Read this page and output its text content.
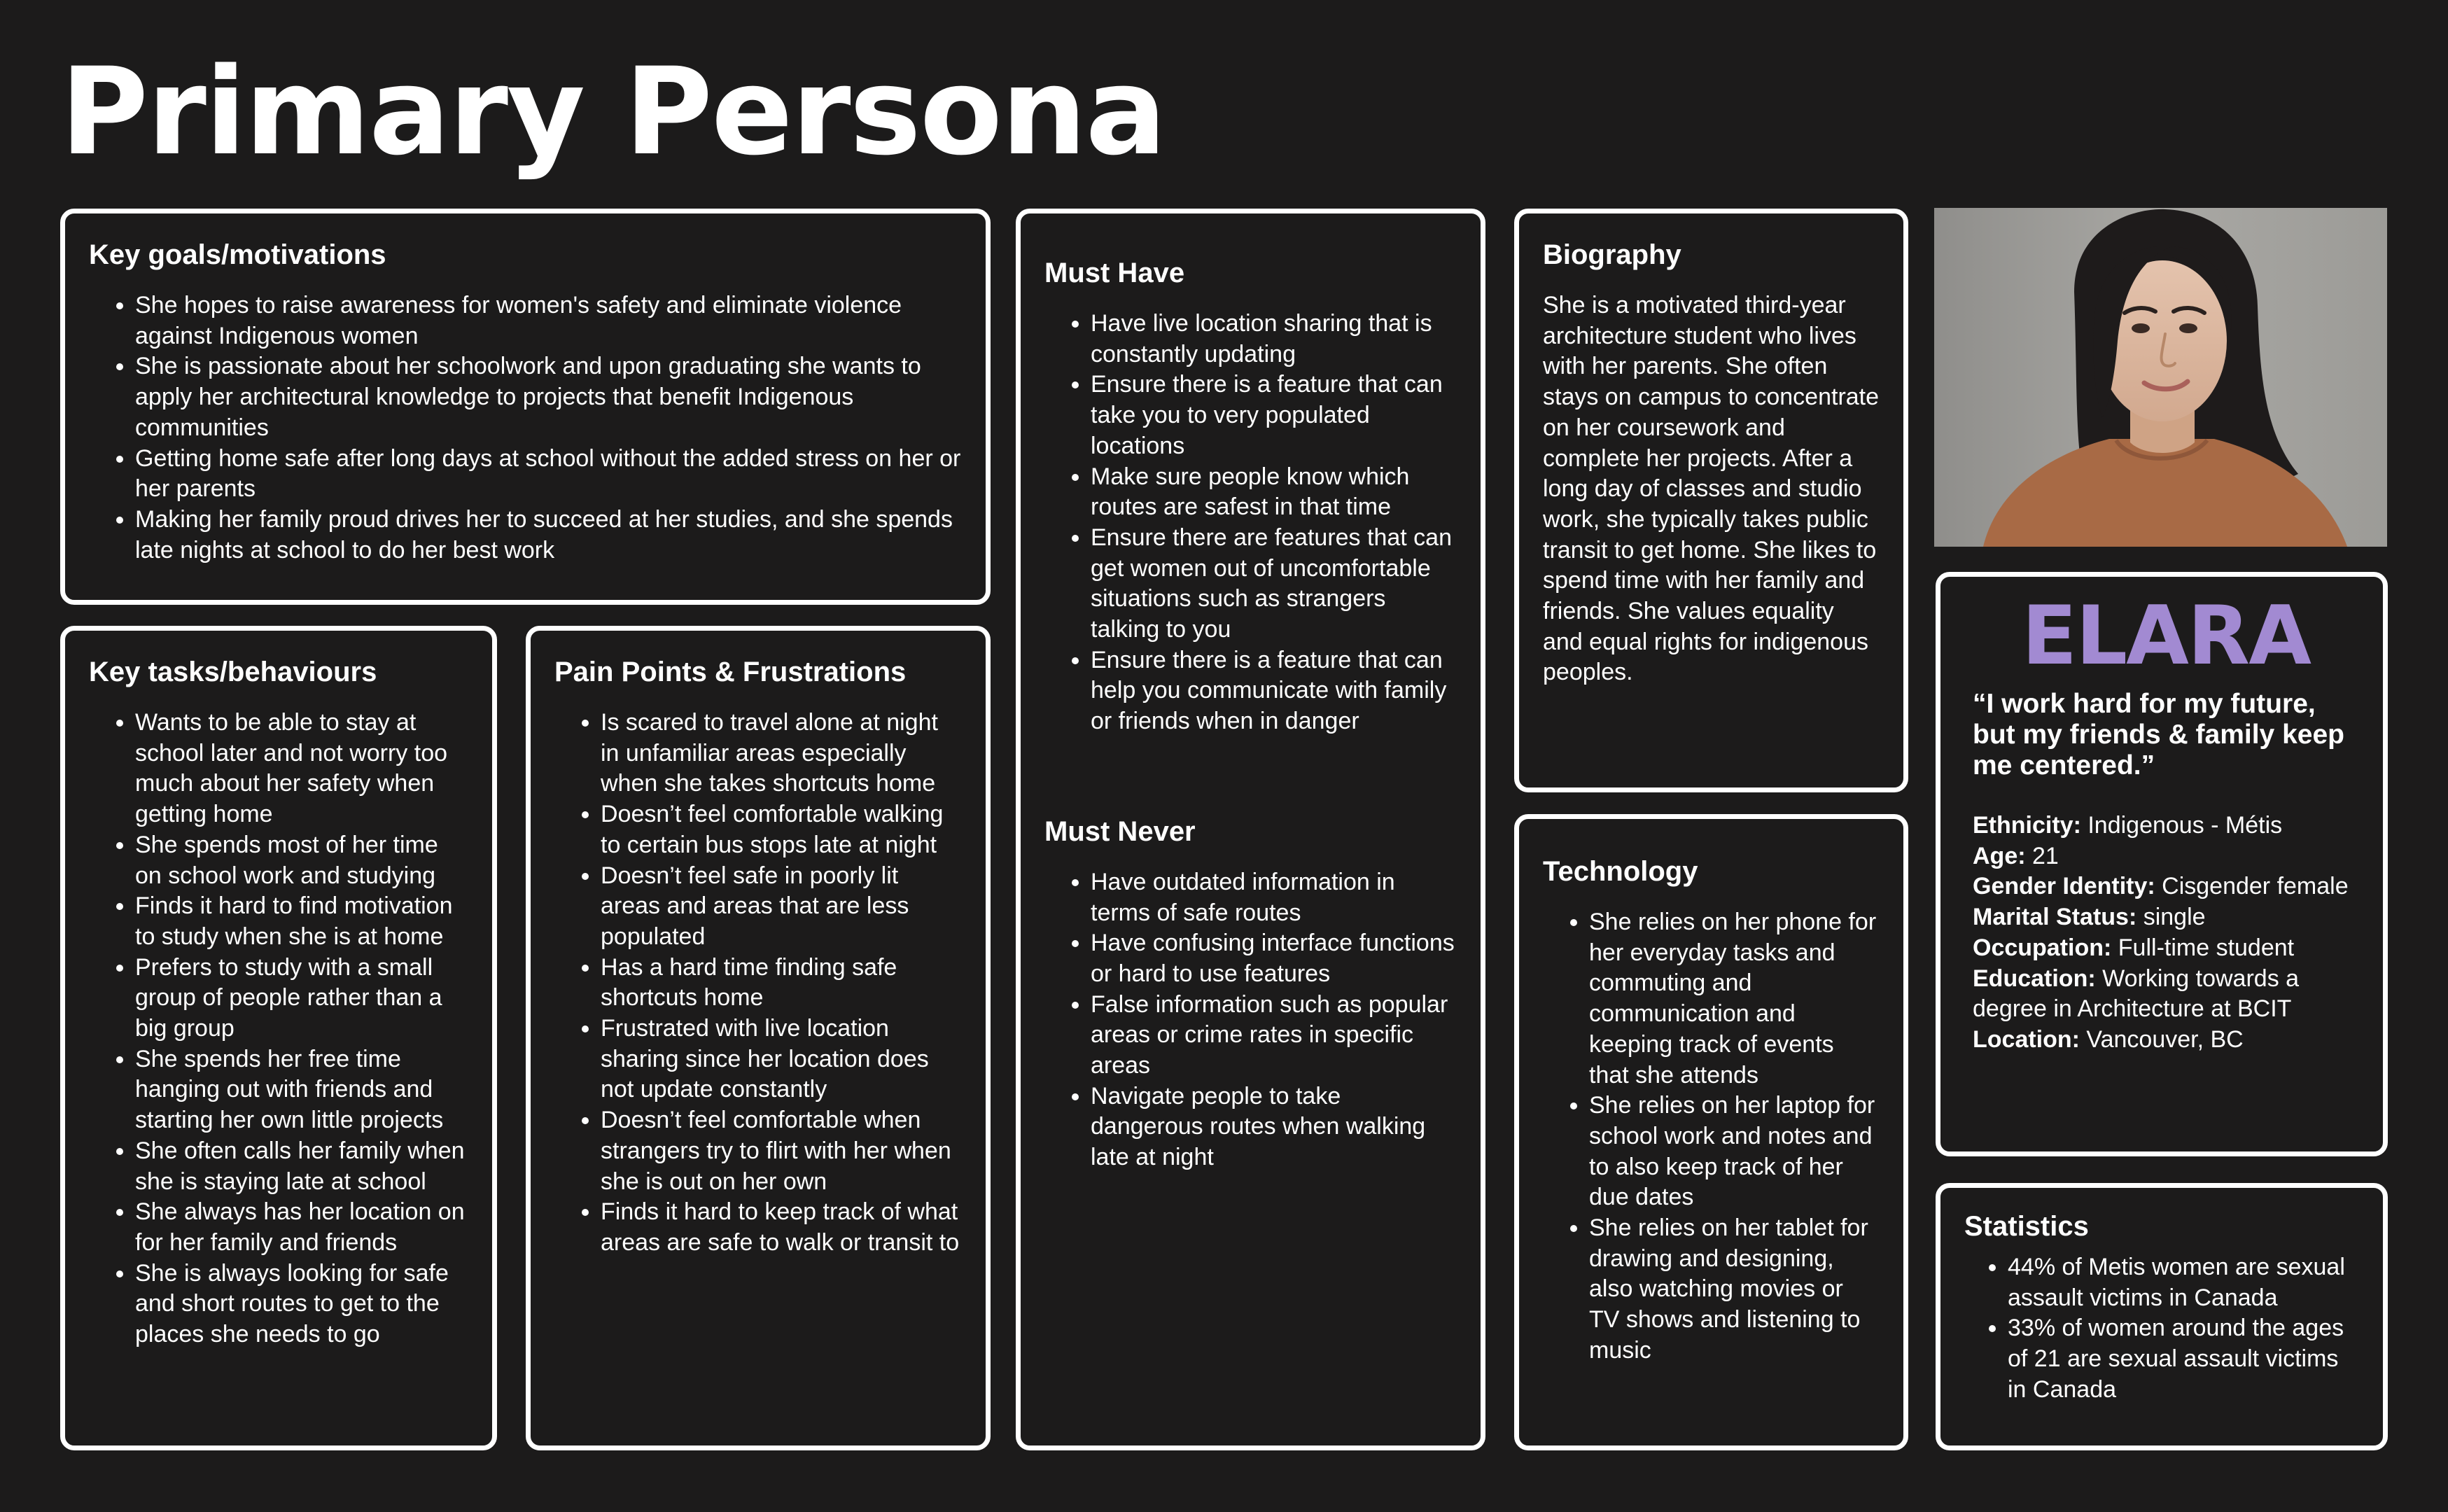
Primary Persona
Key goals/motivations
• She hopes to raise awareness for women's safety and eliminate violence against Indigenous women
• She is passionate about her schoolwork and upon graduating she wants to apply her architectural knowledge to projects that benefit Indigenous communities
• Getting home safe after long days at school without the added stress on her or her parents
• Making her family proud drives her to succeed at her studies, and she spends late nights at school to do her best work
Key tasks/behaviours
• Wants to be able to stay at school later and not worry too much about her safety when getting home
• She spends most of her time on school work and studying
• Finds it hard to find motivation to study when she is at home
• Prefers to study with a small group of people rather than a big group
• She spends her free time hanging out with friends and starting her own little projects
• She often calls her family when she is staying late at school
• She always has her location on for her family and friends
• She is always looking for safe and short routes to get to the places she needs to go
Pain Points & Frustrations
• Is scared to travel alone at night in unfamiliar areas especially when she takes shortcuts home
• Doesn’t feel comfortable walking to certain bus stops late at night
• Doesn’t feel safe in poorly lit areas and areas that are less populated
• Has a hard time finding safe shortcuts home
• Frustrated with live location sharing since her location does not update constantly
• Doesn’t feel comfortable when strangers try to flirt with her when she is out on her own
• Finds it hard to keep track of what areas are safe to walk or transit to
Must Have
• Have live location sharing that is constantly updating
• Ensure there is a feature that can take you to very populated locations
• Make sure people know which routes are safest in that time
• Ensure there are features that can get women out of uncomfortable situations such as strangers talking to you
• Ensure there is a feature that can help you communicate with family or friends when in danger
Must Never
• Have outdated information in terms of safe routes
• Have confusing interface functions or hard to use features
• False information such as popular areas or crime rates in specific areas
• Navigate people to take dangerous routes when walking late at night
Biography

She is a motivated third-year architecture student who lives with her parents. She often stays on campus to concentrate on her coursework and complete her projects. After a long day of classes and studio work, she typically takes public transit to get home. She likes to spend time with her family and friends. She values equality and equal rights for indigenous peoples.

Technology
• She relies on her phone for her everyday tasks and commuting and communication and keeping track of events that she attends
• She relies on her laptop for school work and notes and to also keep track of her due dates
• She relies on her tablet for drawing and designing, also watching movies or TV shows and listening to music
ELARA

“I work hard for my future, but my friends & family keep me centered.”

Ethnicity: Indigenous - Métis

Age: 21

Gender Identity: Cisgender female

Marital Status: single

Occupation: Full-time student

Education: Working towards a degree in Architecture at BCIT

Location: Vancouver, BC

Statistics
• 44% of Metis women are sexual assault victims in Canada
• 33% of women around the ages of 21 are sexual assault victims in Canada
